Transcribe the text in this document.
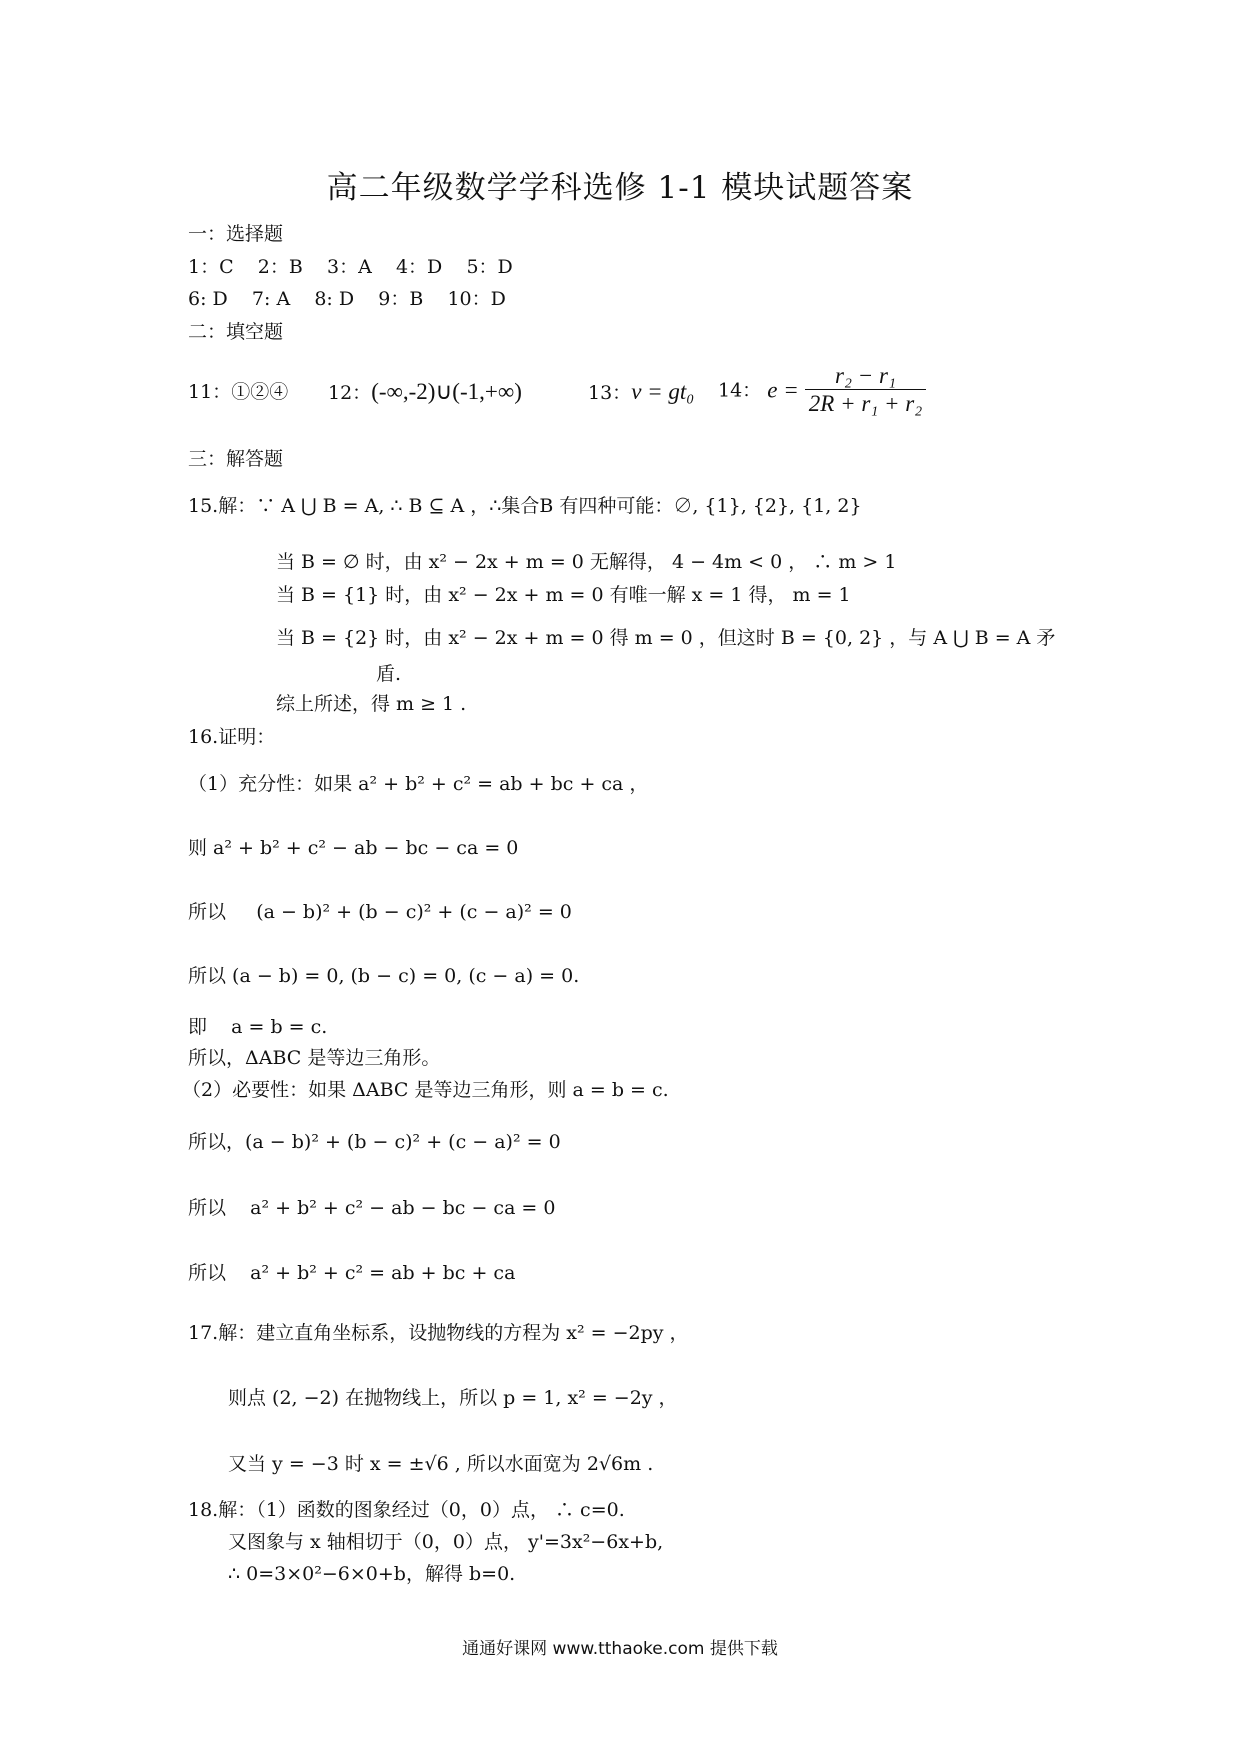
高二年级数学学科选修 1-1 模块试题答案
一：选择题
1：C    2：B    3：A    4：D    5：D
6: D    7: A    8: D    9：B    10：D
二：填空题
11：①②④ 12：(-∞,-2)∪(-1,+∞)	13：v = gt₀ 14： $e = \frac{\text{r₂ − r₁}}{\text{2R + r₁ + r₂}}$
三：解答题
15.解：∵ A ⋃ B = A, ∴ B ⊆ A ，∴集合B 有四种可能：∅, {1}, {2}, {1, 2}
当 B = ∅ 时，由 x² − 2x + m = 0 无解得， 4 − 4m < 0 ， ∴ m > 1
当 B = {1} 时，由 x² − 2x + m = 0 有唯一解 x = 1 得， m = 1
当 B = {2} 时，由 x² − 2x + m = 0 得 m = 0 ，但这时 B = {0, 2} ，与 A ⋃ B = A 矛
盾.
综上所述，得 m ≥ 1 .
16.证明：
（1）充分性：如果 a² + b² + c² = ab + bc + ca ，
则 a² + b² + c² − ab − bc − ca = 0
所以     (a − b)² + (b − c)² + (c − a)² = 0
所以 (a − b) = 0, (b − c) = 0, (c − a) = 0.
即    a = b = c.
所以，ΔABC 是等边三角形。
（2）必要性：如果 ΔABC 是等边三角形，则 a = b = c.
所以，(a − b)² + (b − c)² + (c − a)² = 0
所以    a² + b² + c² − ab − bc − ca = 0
所以    a² + b² + c² = ab + bc + ca
17.解：建立直角坐标系，设抛物线的方程为 x² = −2py ，
则点 (2, −2) 在抛物线上，所以 p = 1, x² = −2y ，
又当 y = −3 时 x = ±√6 , 所以水面宽为 2√6m .
18.解：（1）函数的图象经过（0，0）点， ∴ c=0.
又图象与 x 轴相切于（0，0）点， y'=3x²−6x+b,
∴ 0=3×0²−6×0+b，解得 b=0.
通通好课网 www.tthaoke.com 提供下载
